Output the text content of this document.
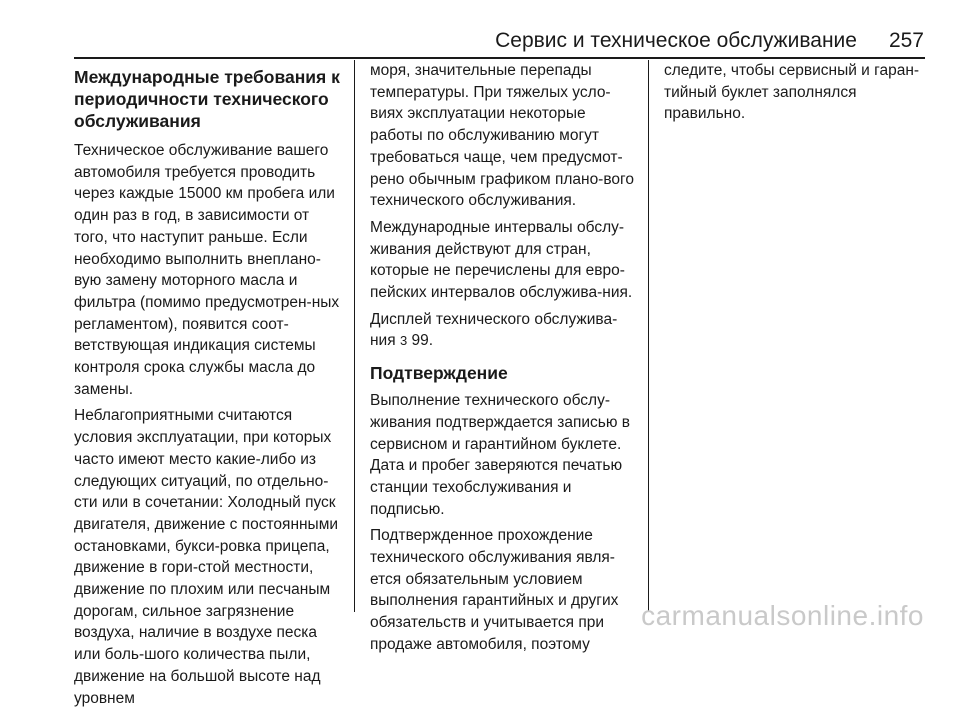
Сервис и техническое обслуживание 257
Международные требования к периодичности технического обслуживания

Техническое обслуживание вашего автомобиля требуется проводить через каждые 15000 км пробега или один раз в год, в зависимости от того, что наступит раньше. Если необходимо выполнить внеплано-вую замену моторного масла и фильтра (помимо предусмотрен-ных регламентом), появится соот-ветствующая индикация системы контроля срока службы масла до замены.

Неблагоприятными считаются условия эксплуатации, при которых часто имеют место какие-либо из следующих ситуаций, по отдельно-сти или в сочетании: Холодный пуск двигателя, движение с постоянными остановками, букси-ровка прицепа, движение в гори-стой местности, движение по плохим или песчаным дорогам, сильное загрязнение воздуха, наличие в воздухе песка или боль-шого количества пыли, движение на большой высоте над уровнем

моря, значительные перепады температуры. При тяжелых усло-виях эксплуатации некоторые работы по обслуживанию могут требоваться чаще, чем предусмот-рено обычным графиком плано-вого технического обслуживания.

Международные интервалы обслу-живания действуют для стран, которые не перечислены для евро-пейских интервалов обслужива-ния.

Дисплей технического обслужива-ния 3 99.

Подтверждение

Выполнение технического обслу-живания подтверждается записью в сервисном и гарантийном буклете. Дата и пробег заверяются печатью станции техобслуживания и подписью.

Подтвержденное прохождение технического обслуживания явля-ется обязательным условием выполнения гарантийных и других обязательств и учитывается при продаже автомобиля, поэтому

следите, чтобы сервисный и гаран-тийный буклет заполнялся правильно.

carmanualsonline.info
